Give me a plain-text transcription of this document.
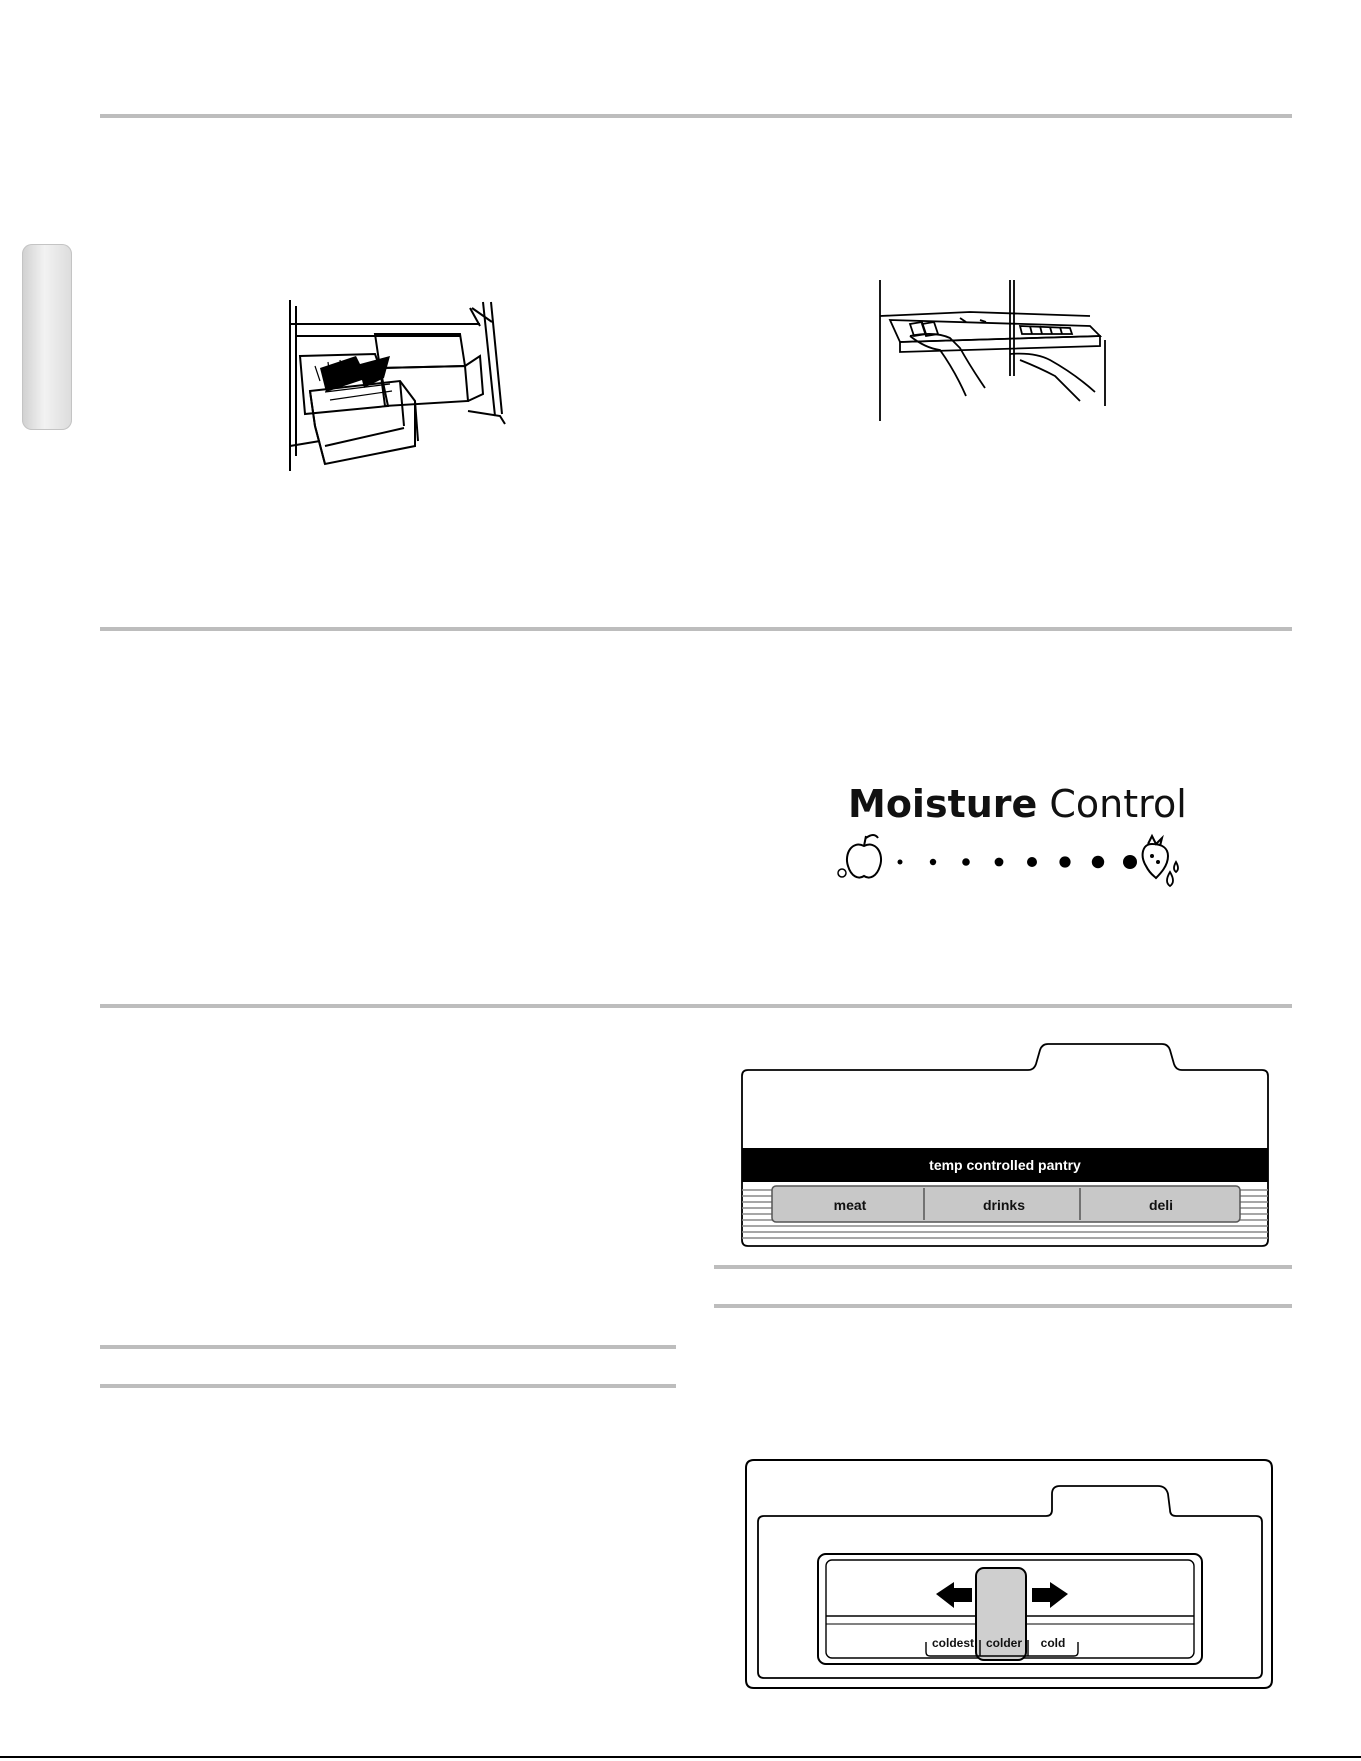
Moisture Control
temp controlled pantry
meat	drinks	deli
coldest colder	cold
